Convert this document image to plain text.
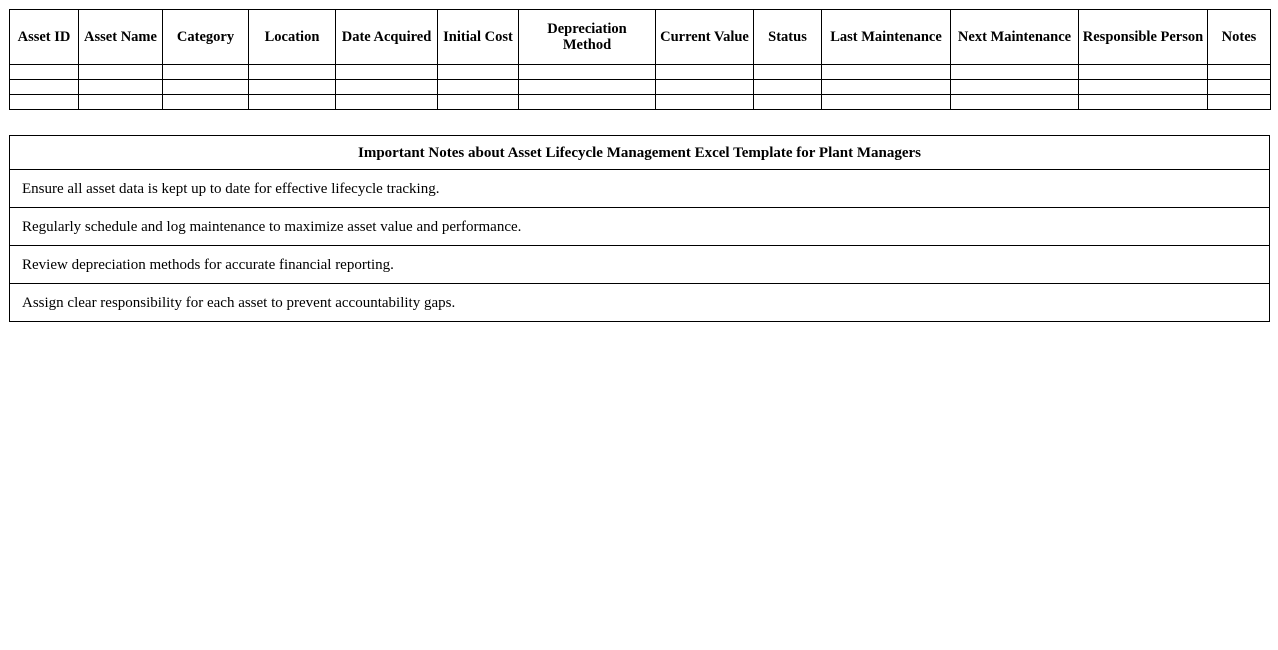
Asset ID	Asset Name	Category	Location	Date Acquired	Initial Cost	Depreciation Method	Current Value	Status	Last Maintenance	Next Maintenance	Responsible Person	Notes

Important Notes about Asset Lifecycle Management Excel Template for Plant Managers
Ensure all asset data is kept up to date for effective lifecycle tracking.
Regularly schedule and log maintenance to maximize asset value and performance.
Review depreciation methods for accurate financial reporting.
Assign clear responsibility for each asset to prevent accountability gaps.
